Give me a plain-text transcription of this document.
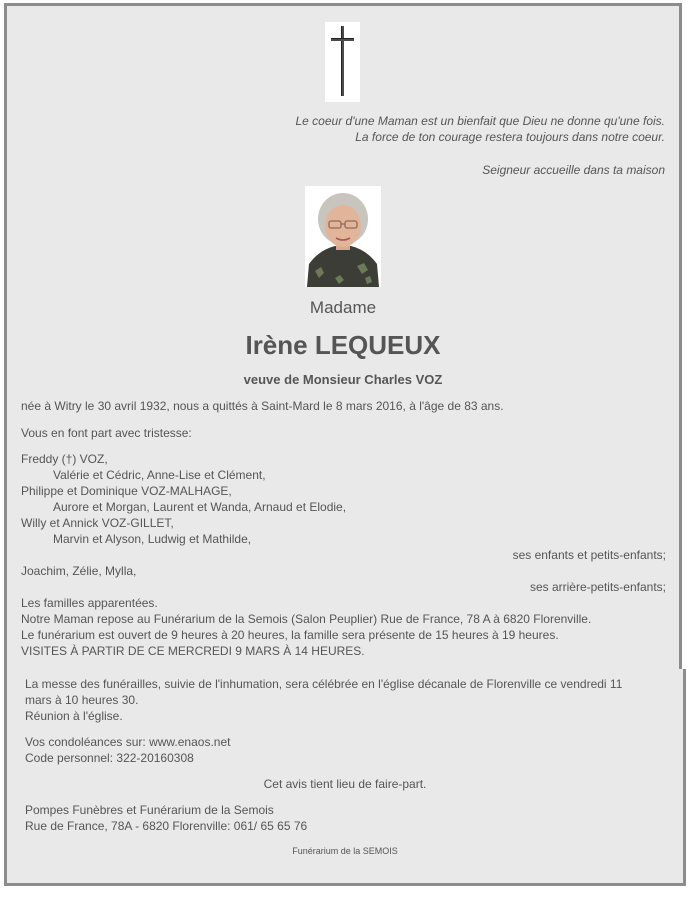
Le coeur d'une Maman est un bienfait que Dieu ne donne qu'une fois.
La force de ton courage restera toujours dans notre coeur.
Seigneur accueille dans ta maison
Madame
Irène LEQUEUX
veuve de Monsieur Charles VOZ
née à Witry le 30 avril 1932, nous a quittés à Saint-Mard le 8 mars 2016, à l'âge de 83 ans.
Vous en font part avec tristesse:
Freddy (†) VOZ,
Valérie et Cédric, Anne-Lise et Clément,
Philippe et Dominique VOZ-MALHAGE,
Aurore et Morgan, Laurent et Wanda, Arnaud et Elodie,
Willy et Annick VOZ-GILLET,
Marvin et Alyson, Ludwig et Mathilde,
ses enfants et petits-enfants;
Joachim, Zélie, Mylla,
ses arrière-petits-enfants;
Les familles apparentées.
Notre Maman repose au Funérarium de la Semois (Salon Peuplier) Rue de France, 78 A à 6820 Florenville.
Le funérarium est ouvert de 9 heures à 20 heures, la famille sera présente de 15 heures à 19 heures.
VISITES À PARTIR DE CE MERCREDI 9 MARS À 14 HEURES.
La messe des funérailles, suivie de l'inhumation, sera célébrée en l'église décanale de Florenville ce vendredi 11
mars à 10 heures 30.
Réunion à l'église.
Vos condoléances sur: www.enaos.net
Code personnel: 322-20160308
Cet avis tient lieu de faire-part.
Pompes Funèbres et Funérarium de la Semois
Rue de France, 78A - 6820 Florenville: 061/ 65 65 76
Funérarium de la SEMOIS
